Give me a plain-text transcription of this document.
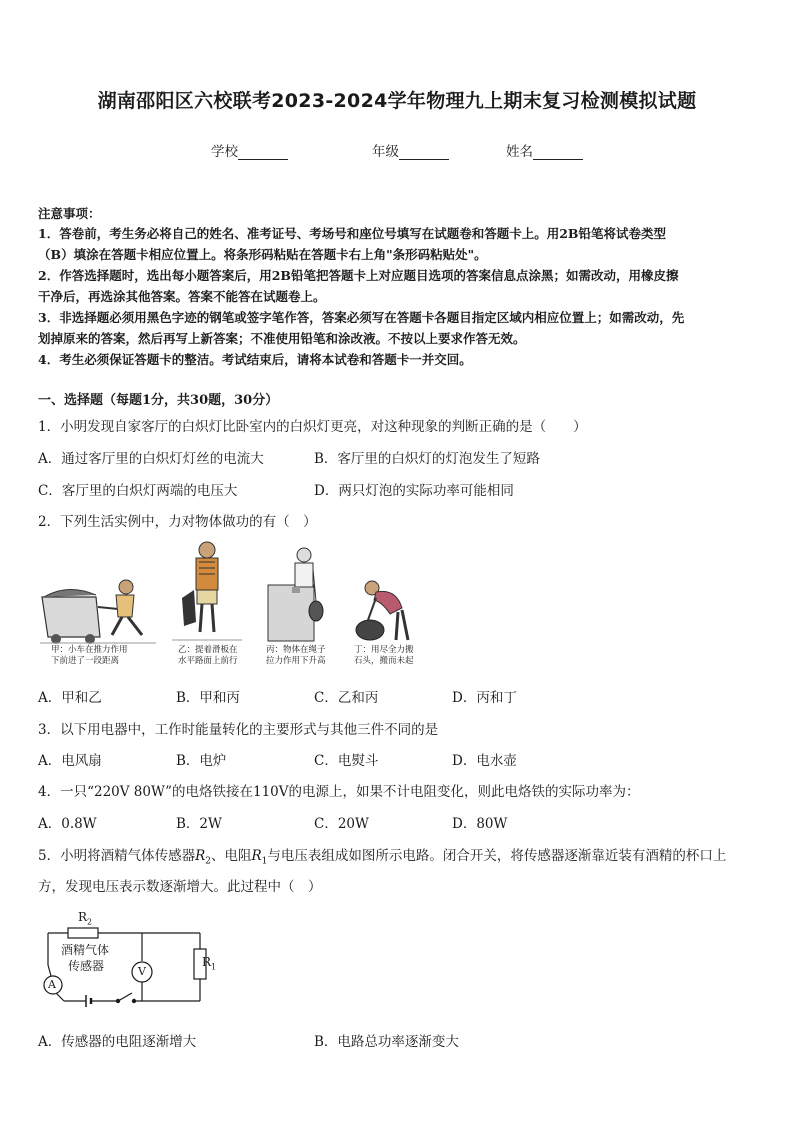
湖南邵阳区六校联考2023-2024学年物理九上期末复习检测模拟试题
学校	年级	姓名
注意事项：
1．答卷前，考生务必将自己的姓名、准考证号、考场号和座位号填写在试题卷和答题卡上。用2B铅笔将试卷类型
（B）填涂在答题卡相应位置上。将条形码粘贴在答题卡右上角"条形码粘贴处"。
2．作答选择题时，选出每小题答案后，用2B铅笔把答题卡上对应题目选项的答案信息点涂黑；如需改动，用橡皮擦
干净后，再选涂其他答案。答案不能答在试题卷上。
3．非选择题必须用黑色字迹的钢笔或签字笔作答，答案必须写在答题卡各题目指定区域内相应位置上；如需改动，先
划掉原来的答案，然后再写上新答案；不准使用铅笔和涂改液。不按以上要求作答无效。
4．考生必须保证答题卡的整洁。考试结束后，请将本试卷和答题卡一并交回。
一、选择题（每题1分，共30题，30分）
1．小明发现自家客厅的白炽灯比卧室内的白炽灯更亮，对这种现象的判断正确的是（　　）
A．通过客厅里的白炽灯灯丝的电流大	B．客厅里的白炽灯的灯泡发生了短路
C．客厅里的白炽灯两端的电压大	D．两只灯泡的实际功率可能相同
2．下列生活实例中，力对物体做功的有（　）
甲：小车在推力作用
下前进了一段距离
乙：提着滑板在
水平路面上前行
丙：物体在绳子
拉力作用下升高
丁：用尽全力搬
石头，搬而未起
A．甲和乙	B．甲和丙	C．乙和丙	D．丙和丁
3．以下用电器中，工作时能量转化的主要形式与其他三件不同的是
A．电风扇	B．电炉	C．电熨斗	D．电水壶
4．一只“220V 80W”的电烙铁接在110V的电源上，如果不计电阻变化，则此电烙铁的实际功率为：
A．0.8W	B．2W	C．20W	D．80W
5．小明将酒精气体传感器$R_2$、电阻$R_1$与电压表组成如图所示电路。闭合开关，将传感器逐渐靠近装有酒精的杯口上
方，发现电压表示数逐渐增大。此过程中（　）
$R_2$
酒精气体
传感器	$R_1$
A
V
A．传感器的电阻逐渐增大	B．电路总功率逐渐变大
